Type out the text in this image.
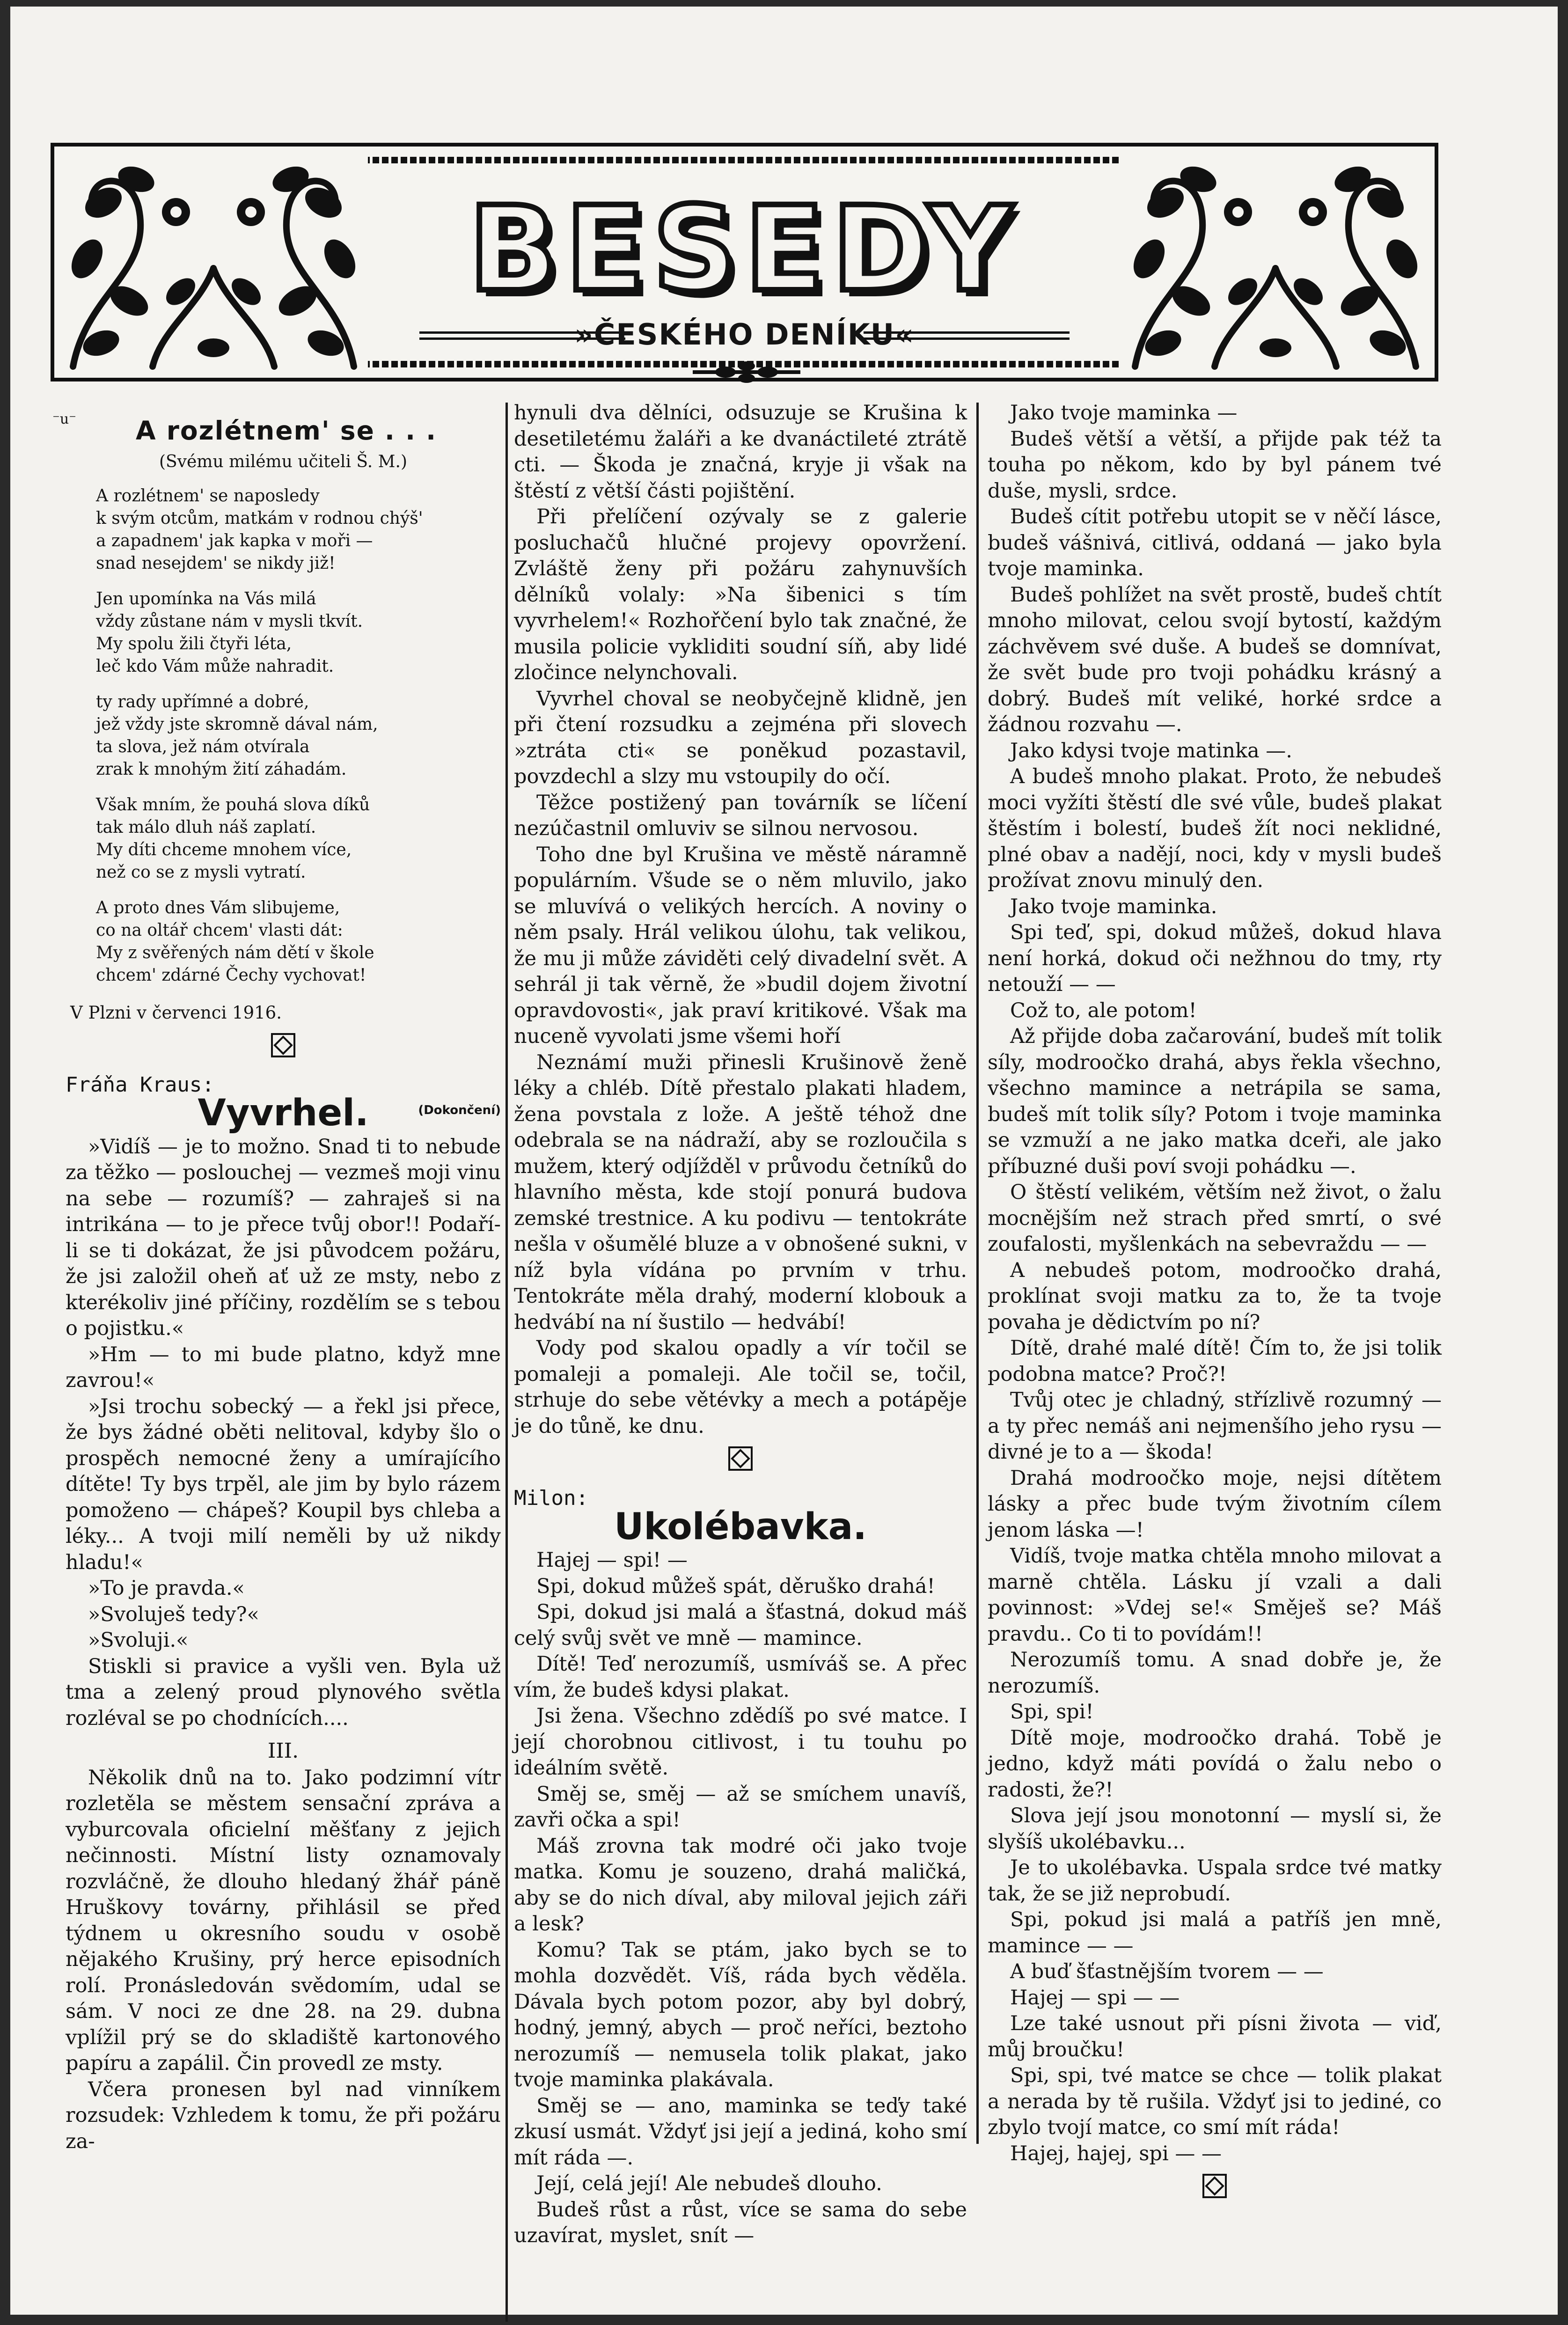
BESEDY
»ČESKÉHO DENÍKU«
⁻u⁻ A rozlétnem' se . . .
(Svému milému učiteli Š. M.)
A rozlétnem' se naposledy
k svým otcům, matkám v rodnou chýš'
a zapadnem' jak kapka v moři —
snad nesejdem' se nikdy již!
Jen upomínka na Vás milá
vždy zůstane nám v mysli tkvít.
My spolu žili čtyři léta,
leč kdo Vám může nahradit.
ty rady upřímné a dobré,
jež vždy jste skromně dával nám,
ta slova, jež nám otvírala
zrak k mnohým žití záhadám.
Však mním, že pouhá slova díků
tak málo dluh náš zaplatí.
My díti chceme mnohem více,
než co se z mysli vytratí.
A proto dnes Vám slibujeme,
co na oltář chcem' vlasti dát:
My z svěřených nám dětí v škole
chcem' zdárné Čechy vychovat!
V Plzni v červenci 1916.

Fráňa Kraus:

Vyvrhel.	(Dokončení)

»Vidíš — je to možno. Snad ti to nebude za těžko — poslouchej — vezmeš moji vinu na sebe — rozumíš? — zahraješ si na intrikána — to je přece tvůj obor!! Podaří-li se ti dokázat, že jsi původcem požáru, že jsi založil oheň ať už ze msty, nebo z kterékoliv jiné příčiny, rozdělím se s tebou o pojistku.«

»Hm — to mi bude platno, když mne zavrou!«

»Jsi trochu sobecký — a řekl jsi přece, že bys žádné oběti nelitoval, kdyby šlo o prospěch nemocné ženy a umírajícího dítěte! Ty bys trpěl, ale jim by bylo rázem pomoženo — chápeš? Koupil bys chleba a léky... A tvoji milí neměli by už nikdy hladu!«

»To je pravda.«

»Svoluješ tedy?«

»Svoluji.«

Stiskli si pravice a vyšli ven. Byla už tma a zelený proud plynového světla rozléval se po chodnících....

III.

Několik dnů na to. Jako podzimní vítr rozletěla se městem sensační zpráva a vyburcovala oficielní měšťany z jejich nečinnosti. Místní listy oznamovaly rozvláčně, že dlouho hledaný žhář páně Hruškovy továrny, přihlásil se před týdnem u okresního soudu v osobě nějakého Krušiny, prý herce episodních rolí. Pronásledován svědomím, udal se sám. V noci ze dne 28. na 29. dubna vplížil prý se do skladiště kartonového papíru a zapálil. Čin provedl ze msty.

Včera pronesen byl nad vinníkem rozsudek: Vzhledem k tomu, že při požáru za-

hynuli dva dělníci, odsuzuje se Krušina k desetiletému žaláři a ke dvanáctileté ztrátě cti. — Škoda je značná, kryje ji však na štěstí z větší části pojištění.

Při přelíčení ozývaly se z galerie posluchačů hlučné projevy opovržení. Zvláště ženy při požáru zahynuvších dělníků volaly: »Na šibenici s tím vyvrhelem!« Rozhořčení bylo tak značné, že musila policie vykliditi soudní síň, aby lidé zločince nelynchovali.

Vyvrhel choval se neobyčejně klidně, jen při čtení rozsudku a zejména při slovech »ztráta cti« se poněkud pozastavil, povzdechl a slzy mu vstoupily do očí.

Těžce postižený pan továrník se líčení nezúčastnil omluviv se silnou nervosou.

Toho dne byl Krušina ve městě náramně populárním. Všude se o něm mluvilo, jako se mluvívá o velikých hercích. A noviny o něm psaly. Hrál velikou úlohu, tak velikou, že mu ji může záviděti celý divadelní svět. A sehrál ji tak věrně, že »budil dojem životní opravdovosti«, jak praví kritikové. Však ma nuceně vyvolati jsme všemi hoří

Neznámí muži přinesli Krušinově ženě léky a chléb. Dítě přestalo plakati hladem, žena povstala z lože. A ještě téhož dne odebrala se na nádraží, aby se rozloučila s mužem, který odjížděl v průvodu četníků do hlavního města, kde stojí ponurá budova zemské trestnice. A ku podivu — tentokráte nešla v ošumělé bluze a v obnošené sukni, v níž byla vídána po prvním v trhu. Tentokráte měla drahý, moderní klobouk a hedvábí na ní šustilo — hedvábí!

Vody pod skalou opadly a vír točil se pomaleji a pomaleji. Ale točil se, točil, strhuje do sebe větévky a mech a potápěje je do tůně, ke dnu.

Milon:

Ukolébavka.

Hajej — spi! —

Spi, dokud můžeš spát, děruško drahá!

Spi, dokud jsi malá a šťastná, dokud máš celý svůj svět ve mně — mamince.

Dítě! Teď nerozumíš, usmíváš se. A přec vím, že budeš kdysi plakat.

Jsi žena. Všechno zdědíš po své matce. I její chorobnou citlivost, i tu touhu po ideálním světě.

Směj se, směj — až se smíchem unavíš, zavři očka a spi!

Máš zrovna tak modré oči jako tvoje matka. Komu je souzeno, drahá maličká, aby se do nich díval, aby miloval jejich záři a lesk?

Komu? Tak se ptám, jako bych se to mohla dozvědět. Víš, ráda bych věděla. Dávala bych potom pozor, aby byl dobrý, hodný, jemný, abych — proč neříci, beztoho nerozumíš — nemusela tolik plakat, jako tvoje maminka plakávala.

Směj se — ano, maminka se teďy také zkusí usmát. Vždyť jsi její a jediná, koho smí mít ráda —.

Její, celá její! Ale nebudeš dlouho.

Budeš růst a růst, více se sama do sebe uzavírat, myslet, snít —

Jako tvoje maminka —

Budeš větší a větší, a přijde pak též ta touha po někom, kdo by byl pánem tvé duše, mysli, srdce.

Budeš cítit potřebu utopit se v něčí lásce, budeš vášnivá, citlivá, oddaná — jako byla tvoje maminka.

Budeš pohlížet na svět prostě, budeš chtít mnoho milovat, celou svojí bytostí, každým záchvěvem své duše. A budeš se domnívat, že svět bude pro tvoji pohádku krásný a dobrý. Budeš mít veliké, horké srdce a žádnou rozvahu —.

Jako kdysi tvoje matinka —.

A budeš mnoho plakat. Proto, že nebudeš moci vyžíti štěstí dle své vůle, budeš plakat štěstím i bolestí, budeš žít noci neklidné, plné obav a nadějí, noci, kdy v mysli budeš prožívat znovu minulý den.

Jako tvoje maminka.

Spi teď, spi, dokud můžeš, dokud hlava není horká, dokud oči nežhnou do tmy, rty netouží — —

Což to, ale potom!

Až přijde doba začarování, budeš mít tolik síly, modroočko drahá, abys řekla všechno, všechno mamince a netrápila se sama, budeš mít tolik síly? Potom i tvoje maminka se vzmuží a ne jako matka dceři, ale jako příbuzné duši poví svoji pohádku —.

O štěstí velikém, větším než život, o žalu mocnějším než strach před smrtí, o své zoufalosti, myšlenkách na sebevraždu — —

A nebudeš potom, modroočko drahá, proklínat svoji matku za to, že ta tvoje povaha je dědictvím po ní?

Dítě, drahé malé dítě! Čím to, že jsi tolik podobna matce? Proč?!

Tvůj otec je chladný, střízlivě rozumný — a ty přec nemáš ani nejmenšího jeho rysu — divné je to a — škoda!

Drahá modroočko moje, nejsi dítětem lásky a přec bude tvým životním cílem jenom láska —!

Vidíš, tvoje matka chtěla mnoho milovat a marně chtěla. Lásku jí vzali a dali povinnost: »Vdej se!« Směješ se? Máš pravdu.. Co ti to povídám!!

Nerozumíš tomu. A snad dobře je, že nerozumíš.

Spi, spi!

Dítě moje, modroočko drahá. Tobě je jedno, když máti povídá o žalu nebo o radosti, že?!

Slova její jsou monotonní — myslí si, že slyšíš ukolébavku...

Je to ukolébavka. Uspala srdce tvé matky tak, že se již neprobudí.

Spi, pokud jsi malá a patříš jen mně, mamince — —

A buď šťastnějším tvorem — —

Hajej — spi — —

Lze také usnout při písni života — viď, můj broučku!

Spi, spi, tvé matce se chce — tolik plakat a nerada by tě rušila. Vždyť jsi to jediné, co zbylo tvojí matce, co smí mít ráda!

Hajej, hajej, spi — —
